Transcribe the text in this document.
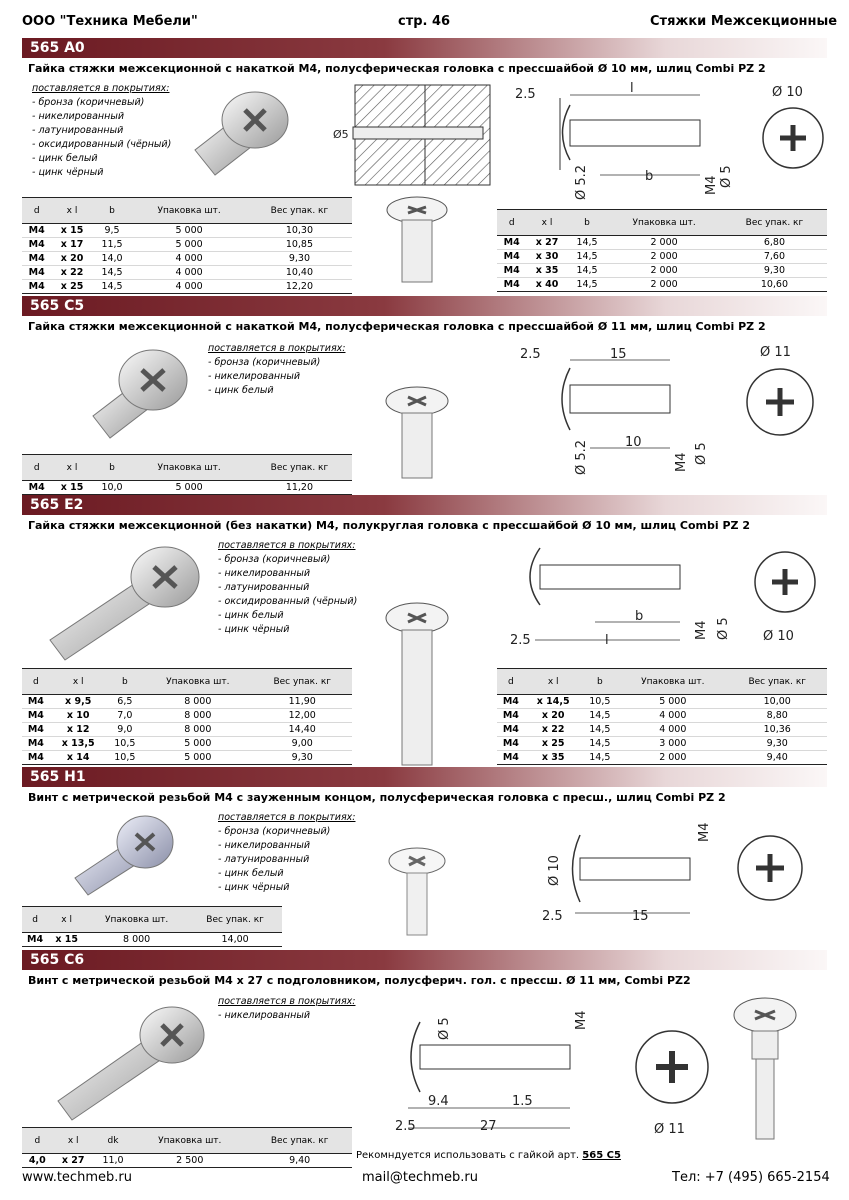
ООО "Техника Мебели"	стр. 46	Стяжки Межсекционные
565 A0
Гайка стяжки межсекционной с накаткой М4, полусферическая головка с прессшайбой Ø 10 мм, шлиц Combi PZ 2
поставляется в покрытиях:
- бронза (коричневый)
- никелированный
- латунированный
- оксидированный (чёрный)
- цинк белый
- цинк чёрный
Ø5
2.5	l
b	M4 Ø 5
Ø 5.2
Ø 10
d	x l	b	Упаковка шт.	Вес упак. кг
M4	x 15	9,5	5 000	10,30
M4	x 17	11,5	5 000	10,85
M4	x 20	14,0	4 000	9,30
M4	x 22	14,5	4 000	10,40
M4	x 25	14,5	4 000	12,20
d	x l	b	Упаковка шт.	Вес упак. кг
M4	x 27	14,5	2 000	6,80
M4	x 30	14,5	2 000	7,60
M4	x 35	14,5	2 000	9,30
M4	x 40	14,5	2 000	10,60
565 C5
Гайка стяжки межсекционной с накаткой М4, полусферическая головка с прессшайбой Ø 11 мм, шлиц Combi PZ 2
поставляется в покрытиях:
- бронза (коричневый)
- никелированный
- цинк белый
2.5	15
10
M4 Ø 5
Ø 5.2
Ø 11
d	x l	b	Упаковка шт.	Вес упак. кг
M4	x 15	10,0	5 000	11,20
565 E2
Гайка стяжки межсекционной (без накатки) М4, полукруглая головка с прессшайбой Ø 10 мм, шлиц Combi PZ 2
поставляется в покрытиях:
- бронза (коричневый)
- никелированный
- латунированный
- оксидированный (чёрный)
- цинк белый
- цинк чёрный
2.5	l
b
M4 Ø 5 Ø 10
d	x l	b	Упаковка шт.	Вес упак. кг
M4	x 9,5	6,5	8 000	11,90
M4	x 10	7,0	8 000	12,00
M4	x 12	9,0	8 000	14,40
M4	x 13,5	10,5	5 000	9,00
M4	x 14	10,5	5 000	9,30
d	x l	b	Упаковка шт.	Вес упак. кг
M4	x 14,5	10,5	5 000	10,00
M4	x 20	14,5	4 000	8,80
M4	x 22	14,5	4 000	10,36
M4	x 25	14,5	3 000	9,30
M4	x 35	14,5	2 000	9,40
565 H1
Винт с метрической резьбой М4 с зауженным концом, полусферическая головка с пресш., шлиц Combi PZ 2
поставляется в покрытиях:
- бронза (коричневый)
- никелированный
- латунированный
- цинк белый
- цинк чёрный
2.5	15
Ø 10
M4
d	x l	Упаковка шт.	Вес упак. кг
M4	x 15	8 000	14,00
565 C6
Винт с метрической резьбой М4 х 27 с подголовником, полусферич. гол. с прессш. Ø 11 мм, Combi PZ2
поставляется в покрытиях:
- никелированный
9.4	1.5
2.5	27
Ø 5	M4
Ø 11
d	x l	dk	Упаковка шт.	Вес упак. кг
4,0	x 27	11,0	2 500	9,40	Рекомндуется использовать с гайкой арт. 565 C5
www.techmeb.ru	mail@techmeb.ru	Тел: +7 (495) 665-2154
